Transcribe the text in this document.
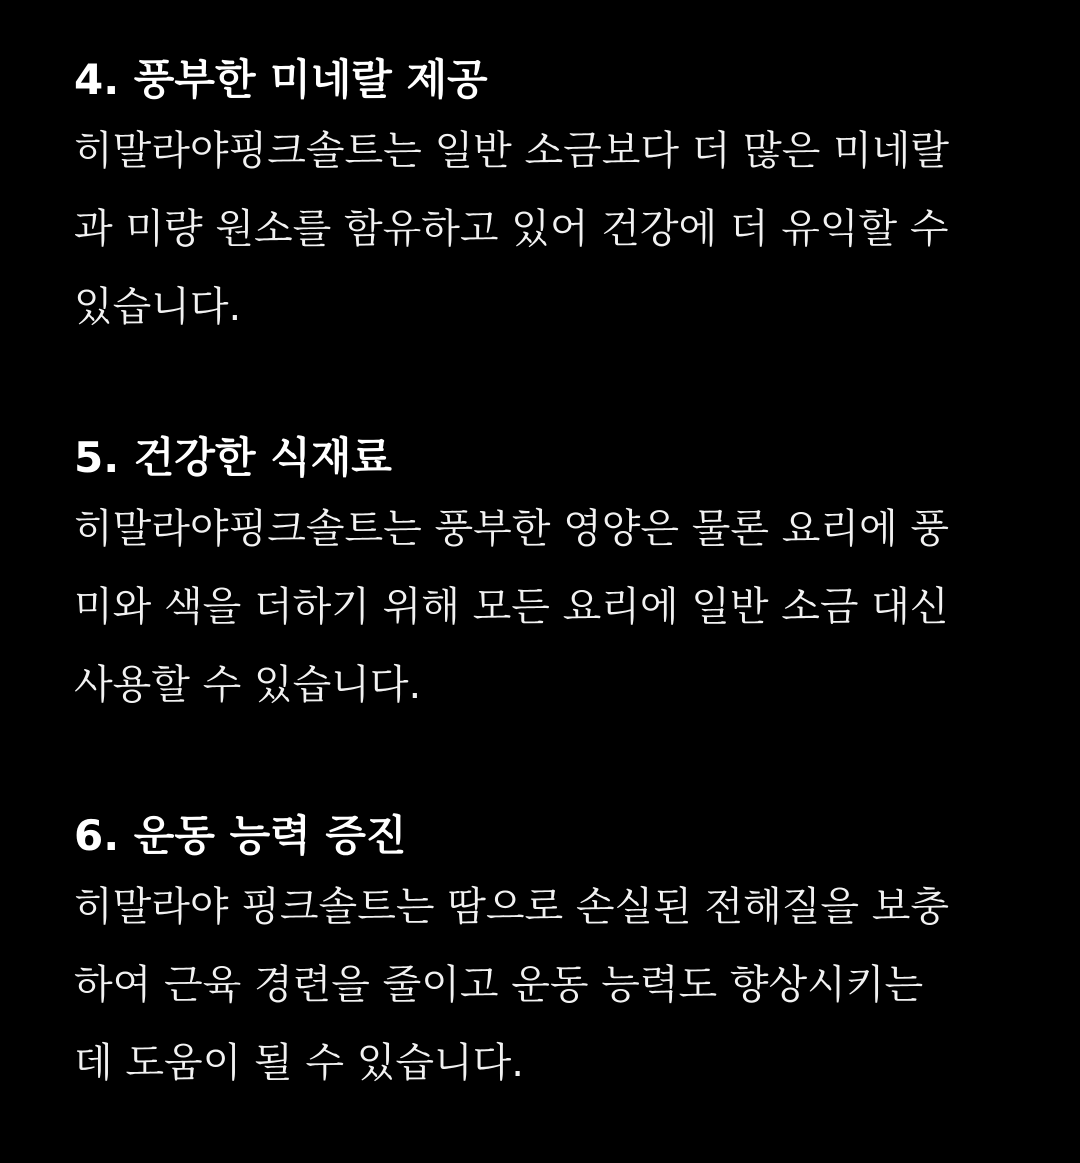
4. 풍부한 미네랄 제공

히말라야핑크솔트는 일반 소금보다 더 많은 미네랄
과 미량 원소를 함유하고 있어 건강에 더 유익할 수
있습니다.

5. 건강한 식재료

히말라야핑크솔트는 풍부한 영양은 물론 요리에 풍
미와 색을 더하기 위해 모든 요리에 일반 소금 대신
사용할 수 있습니다.

6. 운동 능력 증진

히말라야 핑크솔트는 땀으로 손실된 전해질을 보충
하여 근육 경련을 줄이고 운동 능력도 향상시키는
데 도움이 될 수 있습니다.
